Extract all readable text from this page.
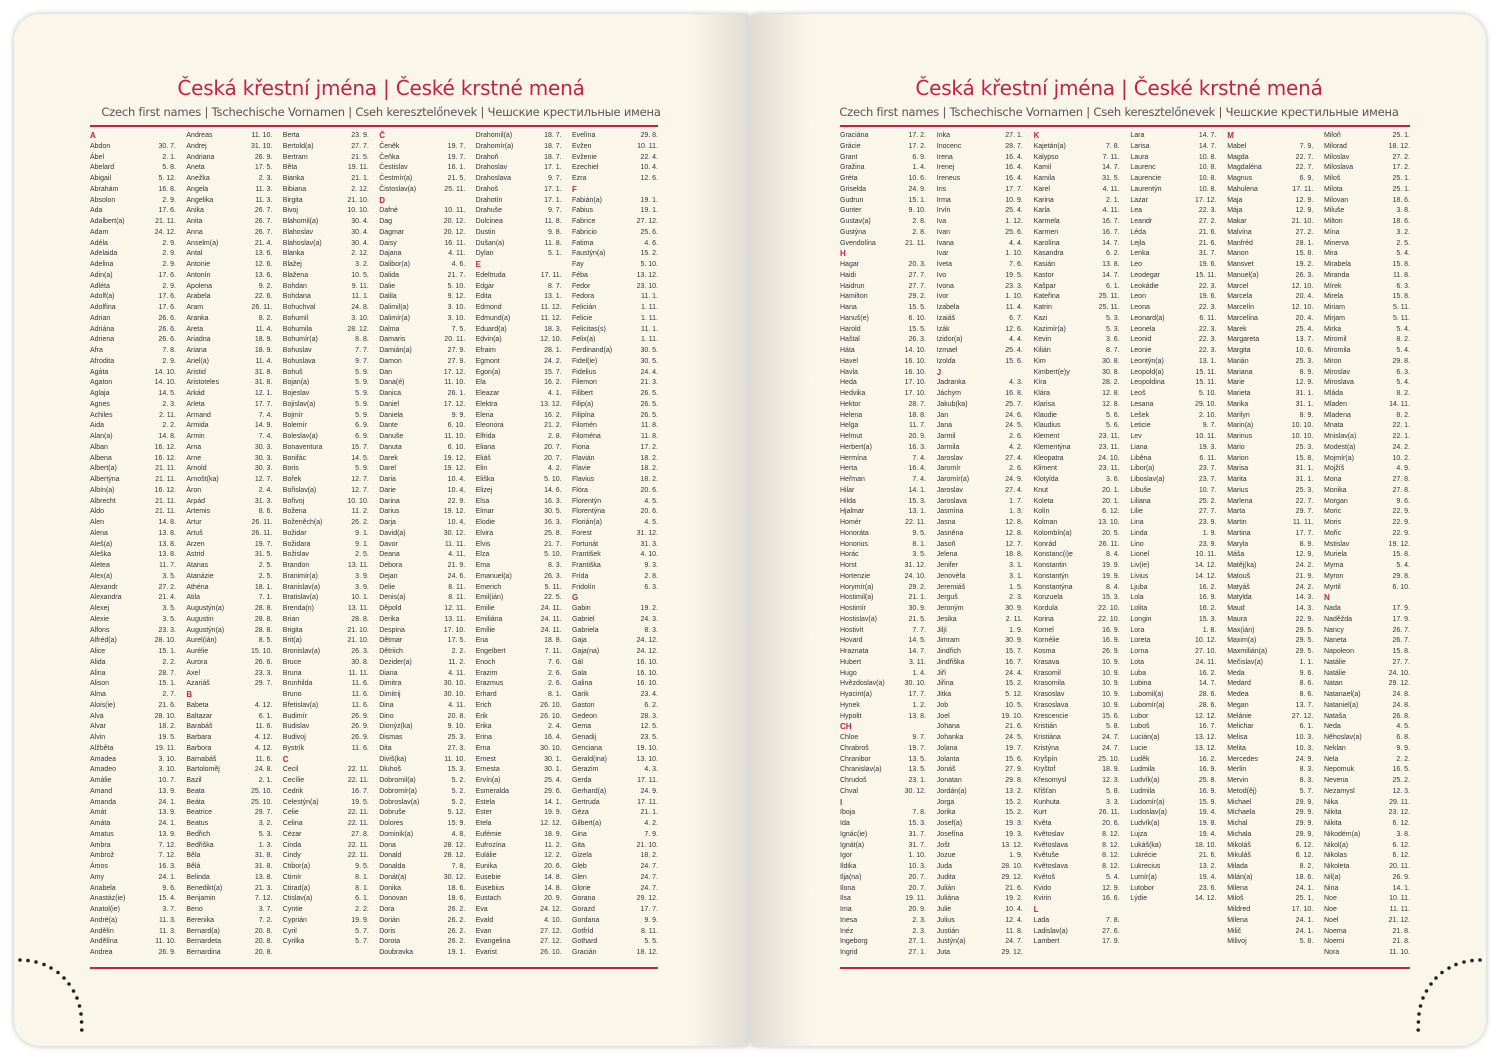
Česká křestní jména | České krstné mená
Czech first names | Tschechische Vornamen | Cseh keresztelőnevek | Чешские крестильные имена
A
Abdon	30. 7.
Ábel	2. 1.
Abelard	5. 8.
Abigail	5. 12.
Abrahám	16. 8.
Absolon	2. 9.
Ada	17. 6.
Adalbert(a)	21. 11.
Adam	24. 12.
Adéla	2. 9.
Adelaida	2. 9.
Adelina	2. 9.
Adin(a)	17. 6.
Adléta	2. 9.
Adolf(a)	17. 6.
Adolfína	17. 6.
Adrian	26. 6.
Adriána	26. 6.
Adriena	26. 6.
Afra	7. 8.
Afrodita	2. 9.
Agáta	14. 10.
Agaton	14. 10.
Aglaja	14. 5.
Agnes	2. 3.
Achiles	2. 11.
Aida	2. 2.
Alan(a)	14. 8.
Alban	16. 12.
Albena	16. 12.
Albert(a)	21. 11.
Albertýna	21. 11.
Albín(a)	16. 12.
Albrecht	21. 11.
Aldo	21. 11.
Alen	14. 8.
Alena	13. 8.
Aleš(a)	13. 8.
Aleška	13. 8.
Aletea	11. 7.
Alex(a)	3. 5.
Alexandr	27. 2.
Alexandra	21. 4.
Alexej	3. 5.
Alexie	3. 5.
Alfons	23. 3.
Alfréd(a)	28. 10.
Alice	15. 1.
Alida	2. 2.
Alina	28. 7.
Alison	15. 1.
Alma	2. 7.
Alois(ie)	21. 6.
Alva	28. 10.
Alvar	18. 2.
Alvin	19. 5.
Alžběta	19. 11.
Amadea	3. 10.
Amadeo	3. 10.
Amálie	10. 7.
Amand	13. 9.
Amanda	24. 1.
Amát	13. 9.
Amáta	24. 1.
Amatus	13. 9.
Ambra	7. 12.
Ambrož	7. 12.
Ámos	16. 3.
Amy	24. 1.
Anabela	9. 6.
Anastáz(ie)	15. 4.
Anatol(ie)	3. 7.
André(a)	11. 3.
Andělín	11. 3.
Andělína	11. 10.
Andrea	26. 9.
Andreas	11. 10.
Andrej	31. 10.
Andriana	26. 9.
Aneta	17. 5.
Anežka	2. 3.
Angela	11. 3.
Angelika	11. 3.
Anika	26. 7.
Anita	26. 7.
Anna	26. 7.
Anselm(a)	21. 4.
Antal	13. 6.
Antonie	12. 6.
Antonín	13. 6.
Apolena	9. 2.
Arabela	22. 6.
Aram	26. 11.
Aranka	8. 2.
Areta	11. 4.
Ariadna	18. 9.
Ariana	18. 9.
Ariel(a)	11. 4.
Aristid	31. 8.
Aristoteles	31. 8.
Arkád	12. 1.
Arleta	17. 7.
Armand	7. 4.
Armida	14. 9.
Armin	7. 4.
Arna	30. 3.
Arne	30. 3.
Arnold	30. 3.
Arnošt(ka)	12. 7.
Áron	2. 4.
Arpád	31. 3.
Artemis	8. 6.
Artur	26. 11.
Artuš	26. 11.
Arzen	19. 7.
Astrid	31. 5.
Atanas	2. 5.
Atanázie	2. 5.
Athéna	18. 1.
Atila	7. 1.
Augustýn(a)	28. 8.
Augustin	28. 8.
Augustýn(a)	28. 8.
Aurel(ián)	8. 5.
Aurélie	15. 10.
Aurora	26. 6.
Axel	23. 3.
Azariáš	29. 7.
B
Babeta	4. 12.
Baltazar	6. 1.
Barabáš	11. 6.
Barbara	4. 12.
Barbora	4. 12.
Barnabáš	11. 6.
Bartoloměj	24. 8.
Bazil	2. 1.
Beata	25. 10.
Beáta	25. 10.
Beatrice	29. 7.
Beatus	3. 2.
Bedřich	5. 3.
Bedřiška	1. 3.
Běla	31. 8.
Bělá	31. 8.
Belinda	13. 8.
Benedikt(a)	21. 3.
Benjamin	7. 12.
Beno	3. 7.
Berenika	7. 2.
Bernard(a)	20. 8.
Bernardeta	20. 8.
Bernardina	20. 8.
Berta	23. 9.
Bertold(a)	27. 7.
Bertram	21. 5.
Běta	19. 11.
Bianka	21. 1.
Bibiana	2. 12.
Birgita	21. 10.
Bivoj	10. 10.
Blahomil(a)	30. 4.
Blahoslav	30. 4.
Blahoslav(a)	30. 4.
Blanka	2. 12.
Blažej	3. 2.
Blažena	10. 5.
Bohdan	9. 11.
Bohdana	11. 1.
Bohuchval	24. 8.
Bohumil	3. 10.
Bohumila	28. 12.
Bohumír(a)	8. 8.
Bohuslav	7. 7.
Bohuslava	9. 7.
Bohuš	5. 9.
Bojan(a)	5. 9.
Bojeslav	5. 9.
Bojislav(a)	5. 9.
Bojmír	5. 9.
Bolemír	6. 9.
Boleslav(a)	6. 9.
Bonaventura	15. 7.
Bonifác	14. 5.
Boris	5. 9.
Bořek	12. 7.
Bořislav(a)	12. 7.
Bořivoj	10. 10.
Božena	11. 2.
Boženěch(a)	26. 2.
Božidar	9. 1.
Božidara	9. 1.
Božislav	2. 5.
Brandon	13. 11.
Branimír(a)	3. 9.
Branislav(a)	3. 9.
Bratislav(a)	10. 1.
Brenda(n)	13. 11.
Brian	28. 8.
Brigita	21. 10.
Brit(a)	21. 10.
Bronislav(a)	26. 3.
Bruce	30. 8.
Bruna	11. 11.
Brunhilda	11. 6.
Bruno	11. 6.
Břetislav(a)	11. 6.
Budimír	26. 9.
Budislav	26. 9.
Budivoj	26. 9.
Bystrík	11. 6.
C
Cecil	22. 11.
Cecílie	22. 11.
Cedrik	16. 7.
Celestýn(a)	19. 5.
Celie	22. 11.
Celina	22. 11.
Cézar	27. 8.
Cinda	22. 11.
Cindy	22. 11.
Ctibor(a)	9. 5.
Ctimír	8. 1.
Ctirad(a)	8. 1.
Ctislav(a)	6. 1.
Cyntie	2. 2.
Cyprián	19. 9.
Cyril	5. 7.
Cyrilka	5. 7.
Č
Čeněk	19. 7.
Čeňka	19. 7.
Čestislav	16. 1.
Čestmír(a)	21. 5.
Čistoslav(a)	25. 11.
D
Dafné	10. 11.
Dag	20. 12.
Dagmar	20. 12.
Daisy	16. 11.
Dajana	4. 11.
Dalibor(a)	4. 6.
Dalida	21. 7.
Dalie	5. 10.
Dalila	9. 12.
Dalimil(a)	3. 10.
Dalimír(a)	3. 10.
Dalma	7. 5.
Damaris	20. 11.
Damián(a)	27. 9.
Damon	27. 9.
Dan	17. 12.
Dana(é)	11. 10.
Danica	26. 1.
Daniel	17. 12.
Daniela	9. 9.
Dante	6. 10.
Danuše	11. 10.
Danuta	6. 10.
Darek	19. 12.
Darel	19. 12.
Daria	10. 4.
Darie	10. 4.
Darina	22. 9.
Darius	19. 12.
Darja	10. 4.
David(a)	30. 12.
Davor	11. 11.
Deana	4. 11.
Debora	21. 9.
Dejan	24. 6.
Delie	8. 11.
Denis(a)	8. 11.
Děpold	12. 11.
Derika	13. 11.
Despina	17. 10.
Dětmar	17. 5.
Dětriich	2. 2.
Dezider(a)	11. 2.
Diana	4. 11.
Dimitra	30. 10.
Dimitrij	30. 10.
Dina	4. 11.
Dino	20. 8.
Dionýz(ka)	9. 10.
Dismas	25. 3.
Dita	27. 3.
Diviš(ka)	11. 10.
Dluhoš	15. 3.
Dobromil(a)	5. 2.
Dobromír(a)	5. 2.
Dobroslav(a)	5. 2.
Dobruše	5. 12.
Dolores	15. 9.
Dominik(a)	4. 8.
Dona	28. 12.
Donald	28. 12.
Donalda	7. 8.
Donát(a)	30. 12.
Donika	18. 6.
Donovan	18. 6.
Dora	26. 2.
Dorián	26. 2.
Doris	26. 2.
Dorota	26. 2.
Doubravka	19. 1.
Drahomil(a)	18. 7.
Drahomír(a)	18. 7.
Drahoň	18. 7.
Drahoslav	17. 1.
Drahoslava	9. 7.
Drahoš	17. 1.
Drahotín	17. 1.
Drahuše	9. 7.
Dulcinea	11. 8.
Dustin	9. 8.
Dušan(a)	11. 8.
Dylan	5. 1.
E
Edeltruda	17. 11.
Edgar	8. 7.
Edita	13. 1.
Edmond	11. 12.
Edmund(a)	11. 12.
Eduard(a)	18. 3.
Edvin(a)	12. 10.
Efraim	28. 1.
Egmont	24. 2.
Egon(a)	15. 7.
Ela	16. 2.
Eleazar	4. 1.
Elektra	13. 12.
Elena	16. 2.
Eleonora	21. 2.
Elfrida	2. 8.
Eliana	20. 7.
Eliáš	20. 7.
Elin	4. 2.
Eliška	5. 10.
Elizej	14. 6.
Elsa	16. 3.
Elmar	30. 5.
Elodie	16. 3.
Elvira	25. 8.
Elvis	21. 7.
Elza	5. 10.
Ema	8. 3.
Emanuel(a)	26. 3.
Emerich	5. 11.
Emil(ián)	22. 5.
Emilie	24. 11.
Emiliána	24. 11.
Emílie	24. 11.
Ena	18. 8.
Engelbert	7. 11.
Enoch	7. 6.
Erazim	2. 6.
Erazmus	2. 6.
Erhard	8. 1.
Erich	26. 10.
Erik	26. 10.
Erika	2. 4.
Erina	16. 4.
Erna	30. 10.
Ernest	30. 1.
Ernesta	30. 1.
Ervín(a)	25. 4.
Esmeralda	29. 6.
Estela	14. 1.
Ester	19. 9.
Etela	12. 12.
Eufémie	18. 9.
Eufrozína	11. 2.
Eulálie	12. 2.
Eunika	20. 6.
Eusebie	14. 8.
Eusebius	14. 8.
Eustach	20. 9.
Eva	24. 12.
Evald	4. 10.
Evan	27. 12.
Evangelina	27. 12.
Evarist	26. 10.
Evelína	29. 8.
Evžen	10. 11.
Evženie	22. 4.
Ezechiel	10. 4.
Ezra	12. 6.
F
Fabián(a)	19. 1.
Fabius	19. 1.
Fabrice	27. 12.
Fabricio	25. 6.
Fatima	4. 6.
Faustýn(a)	15. 2.
Fay	5. 10.
Féba	13. 12.
Fedor	23. 10.
Fedora	11. 1.
Felicián	1. 11.
Felicie	1. 11.
Felicitas(s)	11. 1.
Felix(a)	1. 11.
Ferdinand(a)	30. 5.
Fidel(ie)	30. 5.
Fidelius	24. 4.
Filemon	21. 3.
Filibert	26. 5.
Filip(a)	26. 5.
Filipína	26. 5.
Filomén	11. 8.
Filoména	11. 8.
Fiona	17. 2.
Flavián	18. 2.
Flavie	18. 2.
Flavius	18. 2.
Flóra	20. 6.
Florentýn	4. 5.
Florentýna	20. 6.
Florián(a)	4. 5.
Forest	31. 12.
Fortunát	31. 3.
František	4. 10.
Františka	9. 3.
Frída	2. 8.
Fridolín	6. 3.
G
Gabin	19. 2.
Gabriel	24. 3.
Gabriela	8. 3.
Gaja	24. 12.
Gaja(na)	24. 12.
Gál	16. 10.
Gala	16. 10.
Galina	16. 10.
Garik	23. 4.
Gaston	6. 2.
Gedeon	28. 3.
Gema	12. 5.
Genadij	23. 5.
Genciana	19. 10.
Gerald(ina)	13. 10.
Gerazim	4. 3.
Gerda	17. 11.
Gerhard(a)	24. 9.
Gertruda	17. 11.
Géza	21. 1.
Gilbert(a)	4. 2.
Gina	7. 9.
Gita	21. 10.
Gizela	18. 2.
Gleb	24. 7.
Glen	24. 7.
Glorie	24. 7.
Gorana	29. 12.
Gorazd	17. 7.
Gordana	9. 9.
Gotfríd	8. 11.
Gothard	5. 5.
Gracián	18. 12.
Česká křestní jména | České krstné mená
Czech first names | Tschechische Vornamen | Cseh keresztelőnevek | Чешские крестильные имена
Graciána	17. 2.
Grácie	17. 2.
Grant	6. 9.
Gražina	1. 4.
Gréta	10. 6.
Griselda	24. 9.
Gudrun	15. 1.
Gunter	9. 10.
Gustav(a)	2. 8.
Gustýna	2. 8.
Gvendolína	21. 11.
H
Hagar	20. 3.
Haidi	27. 7.
Haidrun	27. 7.
Hamilton	29. 2.
Hana	15. 5.
Hanuš(e)	6. 10.
Harold	15. 5.
Haštal	26. 3.
Háta	14. 10.
Havel	16. 10.
Havla	16. 10.
Heda	17. 10.
Hedvika	17. 10.
Hektor	28. 7.
Helena	18. 8.
Helga	11. 7.
Helmut	20. 9.
Herbert(a)	16. 3.
Hermína	7. 4.
Herta	16. 4.
Heřman	7. 4.
Hilar	14. 1.
Hilda	15. 3.
Hjalmar	13. 1.
Homér	22. 11.
Honoráta	9. 5.
Honorius	8. 1.
Horác	3. 5.
Horst	31. 12.
Hortenzie	24. 10.
Horymír(a)	29. 2.
Hostimil(a)	21. 1.
Hostimír	30. 9.
Hostislav(a)	21. 5.
Hostivít	7. 7.
Hovard	14. 5.
Hraznata	14. 7.
Hubert	3. 11.
Hugo	1. 4.
Hvězdoslav(a)	30. 10.
Hyacint(a)	17. 7.
Hynek	1. 2.
Hypolit	13. 8.
CH
Chloe	9. 7.
Chrabroš	19. 7.
Chranibor	13. 5.
Chranislav(a)	13. 5.
Chrudoš	23. 1.
Chval	30. 12.
I
Iboja	7. 8.
Ida	15. 3.
Ignác(ie)	31. 7.
Ignát(a)	31. 7.
Igor	1. 10.
Ildika	10. 3.
Ilja(na)	20. 7.
Ilona	20. 7.
Ilsa	19. 11.
Ima	20. 9.
Inesa	2. 3.
Inéz	2. 3.
Ingeborg	27. 1.
Ingrid	27. 1.
Inka	27. 1.
Inocenc	28. 7.
Irena	16. 4.
Irenej	16. 4.
Ireneus	16. 4.
Iris	17. 7.
Irma	10. 9.
Irvín	25. 4.
Iva	1. 12.
Ivan	25. 6.
Ivana	4. 4.
Ivar	1. 10.
Iveta	7. 6.
Ivo	19. 5.
Ivona	23. 3.
Ivor	1. 10.
Izabela	11. 4.
Izaiáš	6. 7.
Izák	12. 6.
Izidor(a)	4. 4.
Izmael	25. 4.
Izolda	15. 6.
J
Jadranka	4. 3.
Jáchym	16. 8.
Jakub(ka)	25. 7.
Jan	24. 6.
Jana	24. 5.
Jarmil	2. 6.
Jarmila	4. 2.
Jaroslav	27. 4.
Jaromír	2. 6.
Jaromír(a)	24. 9.
Jaroslav	27. 4.
Jaroslava	1. 7.
Jasmína	1. 3.
Jasna	12. 8.
Jasněna	12. 8.
Jasoň	12. 7.
Jelena	18. 8.
Jenifer	3. 1.
Jenovéfa	3. 1.
Jeremiáš	1. 5.
Jerguš	2. 3.
Jeroným	30. 9.
Jesika	2. 11.
Jiljí	1. 9.
Jimram	30. 9.
Jindřich	15. 7.
Jindřiška	16. 7.
Jiří	24. 4.
Jiřina	15. 2.
Jitka	5. 12.
Job	10. 5.
Joel	19. 10.
Johana	21. 6.
Johanka	24. 5.
Jolana	19. 7.
Jolanta	15. 6.
Jonáš	27. 9.
Jonatan	29. 8.
Jordán(a)	13. 2.
Jorga	15. 2.
Jorika	15. 2.
Josef(a)	19. 3.
Josefína	19. 3.
Jošt	13. 12.
Jozue	1. 9.
Juda	28. 10.
Judita	29. 12.
Julián	21. 6.
Juliána	19. 2.
Julie	10. 4.
Julius	12. 4.
Justián	11. 8.
Justýn(a)	24. 7.
Juta	29. 12.
K
Kajetán(a)	7. 8.
Kalypso	7. 11.
Kamil	14. 7.
Kamila	31. 5.
Karel	4. 11.
Karina	2. 1.
Karla	4. 11.
Karmela	16. 7.
Karmen	16. 7.
Karolína	14. 7.
Kasandra	6. 2.
Kasián	13. 8.
Kastor	14. 7.
Kašpar	6. 1.
Kateřina	25. 11.
Katrin	25. 11.
Kazi	5. 3.
Kazimír(a)	5. 3.
Kevin	3. 6.
Kilián	8. 7.
Kim	30. 8.
Kimbert(e)y	30. 8.
Kíra	28. 2.
Klára	12. 8.
Klarisa	12. 8.
Klaudie	5. 6.
Klaudius	5. 6.
Klement	23. 11.
Klementýna	23. 11.
Kleopatra	24. 10.
Kliment	23. 11.
Klotylda	3. 6.
Knut	20. 1.
Koleta	20. 1.
Kolín	6. 12.
Kolman	13. 10.
Kolombín(a)	20. 5.
Konrád	26. 11.
Konstanc(i)e	8. 4.
Konstantin	19. 9.
Konstantýn	19. 9.
Konstantýna	8. 4.
Konzuela	15. 3.
Kordula	22. 10.
Korina	22. 10.
Kornel	16. 9.
Kornélie	16. 9.
Kosma	26. 9.
Krasava	10. 9.
Krasomil	10. 9.
Krasomila	10. 9.
Krasoslav	10. 9.
Krasoslava	10. 9.
Krescencie	15. 6.
Kristián	5. 8.
Kristiána	24. 7.
Kristýna	24. 7.
Kryšpín	25. 10.
Kryštof	18. 9.
Křesomysl	12. 3.
Křišťan	5. 8.
Kunhuta	3. 3.
Kurt	26. 11.
Květa	20. 6.
Květoslav	8. 12.
Květoslava	8. 12.
Květuše	8. 12.
Květoslava	8. 12.
Květoš	5. 4.
Kvido	12. 9.
Kvirin	16. 6.
L
Lada	7. 8.
Ladislav(a)	27. 6.
Lambert	17. 9.
Lara	14. 7.
Larisa	14. 7.
Laura	10. 8.
Laurenc	10. 8.
Laurencie	10. 8.
Laurentýn	10. 8.
Lazar	17. 12.
Lea	22. 3.
Leandr	27. 2.
Léda	21. 6.
Lejla	21. 6.
Lenka	31. 7.
Leo	19. 6.
Leodegar	15. 11.
Leokádie	22. 3.
Leon	19. 6.
Leona	22. 3.
Leonard(a)	6. 11.
Leonela	22. 3.
Leonid	22. 3.
Leonie	22. 3.
Leontýn(a)	13. 1.
Leopold(a)	15. 11.
Leopoldina	15. 11.
Leoš	5. 10.
Lesana	29. 10.
Lešek	2. 10.
Leticie	9. 7.
Lev	10. 11.
Liana	19. 3.
Liběna	6. 11.
Libor(a)	23. 7.
Liboslav(a)	23. 7.
Libuše	10. 7.
Liliana	25. 2.
Lilie	27. 7.
Lina	23. 9.
Linda	1. 9.
Lino	23. 9.
Lionel	10. 11.
Liv(ie)	14. 12.
Livius	14. 12.
Ljuba	16. 2.
Lola	16. 9.
Lolita	16. 2.
Longin	15. 3.
Lora	1. 8.
Loreta	10. 12.
Lorna	27. 10.
Lota	24. 11.
Luba	16. 2.
Lubina	14. 7.
Lubomil(a)	28. 6.
Lubomír(a)	28. 6.
Lubor	12. 12.
Luboš	16. 7.
Lucián(a)	13. 12.
Lucie	13. 12.
Luděk	16. 2.
Ludmila	16. 9.
Ludvík(a)	25. 8.
Ludmila	16. 9.
Ludomír(a)	15. 9.
Ludoslav(a)	19. 4.
Ludvík(a)	19. 8.
Lujza	19. 4.
Lukáš(ka)	18. 10.
Lukrécie	21. 6.
Lukrecius	13. 2.
Lumír(a)	19. 4.
Lutobor	23. 6.
Lýdie	14. 12.
M
Mabel	7. 9.
Magda	22. 7.
Magdaléna	22. 7.
Magnus	6. 9.
Mahulena	17. 11.
Maja	12. 9.
Mája	12. 9.
Makar	21. 10.
Malvína	27. 2.
Manfréd	28. 1.
Manon	15. 8.
Mansvet	19. 2.
Manuel(a)	26. 3.
Marcel	12. 10.
Marcela	20. 4.
Marcelín	12. 10.
Marcelína	20. 4.
Marek	25. 4.
Margareta	13. 7.
Margita	10. 6.
Marián	25. 3.
Mariana	8. 9.
Marie	12. 9.
Marieta	31. 1.
Marika	31. 1.
Marilyn	8. 9.
Marin(a)	10. 10.
Marinus	10. 10.
Mario	25. 3.
Marion	15. 8.
Marisa	31. 1.
Marita	31. 1.
Marius	25. 3.
Marlena	22. 7.
Marta	29. 7.
Martin	11. 11.
Martina	17. 7.
Maryla	8. 9.
Máša	12. 9.
Matěj(ka)	24. 2.
Matouš	21. 9.
Matyáš	24. 2.
Matylda	14. 3.
Maud	14. 3.
Maura	22. 9.
Max(ián)	29. 5.
Maxim(a)	29. 5.
Maxmilián(a)	29. 5.
Mečislav(a)	1. 1.
Meda	9. 6.
Medard	8. 6.
Medea	8. 6.
Megan	13. 7.
Melánie	27. 12.
Melichar	6. 1.
Melisa	10. 3.
Melita	10. 3.
Mercedes	24. 9.
Merlin	8. 3.
Mervin	8. 3.
Metod(ěj)	5. 7.
Michael	29. 9.
Michaela	29. 9.
Michal	29. 9.
Michala	29. 9.
Mikoláš	6. 12.
Mikuláš	6. 12.
Milada	8. 2.
Milán(a)	18. 6.
Milena	24. 1.
Miloš	25. 1.
Mildred	17. 10.
Milena	24. 1.
Milič	24. 1.
Milivoj	5. 8.
Miloň	25. 1.
Milorad	18. 12.
Miloslav	27. 2.
Miloslava	17. 2.
Miloš	25. 1.
Milota	25. 1.
Milovan	18. 6.
Miluše	3. 8.
Milton	18. 6.
Mína	3. 2.
Minerva	2. 5.
Mira	5. 4.
Mirabela	15. 8.
Miranda	11. 8.
Mírek	6. 3.
Mirela	15. 8.
Miriam	5. 11.
Mirjam	5. 11.
Mirka	5. 4.
Miromil	8. 2.
Miromila	5. 4.
Miron	29. 8.
Miroslav	6. 3.
Miroslava	5. 4.
Mláda	8. 2.
Mladen	14. 11.
Mladena	8. 2.
Mnata	22. 1.
Mnislav(a)	22. 1.
Modest(a)	24. 2.
Mojmír(a)	10. 2.
Mojžíš	4. 9.
Mona	27. 8.
Monika	27. 8.
Morgan	9. 6.
Moric	22. 9.
Moris	22. 9.
Mořic	22. 9.
Mstislav	19. 12.
Muriela	15. 8.
Myrna	5. 4.
Myron	29. 8.
Myrtil	6. 10.
N
Nada	17. 9.
Naděžda	17. 9.
Nancy	26. 7.
Naneta	26. 7.
Napoleon	15. 8.
Natálie	27. 7.
Natálie	24. 10.
Natan	29. 12.
Natanael(a)	24. 8.
Nataniel(a)	24. 8.
Nataša	26. 8.
Neda	4. 5.
Něhoslav(a)	6. 8.
Neklan	9. 9.
Nela	2. 2.
Nepomuk	16. 5.
Nevena	25. 2.
Nezamysl	12. 3.
Nika	29. 11.
Nikita	23. 12.
Nikita	6. 12.
Nikodém(a)	3. 8.
Nikol(a)	6. 12.
Nikolas	6. 12.
Nikoleta	20. 11.
Nil(a)	26. 9.
Nina	14. 1.
Noe	10. 11.
Noe	11. 11.
Noel	21. 12.
Noema	21. 8.
Noemi	21. 8.
Nora	11. 10.
